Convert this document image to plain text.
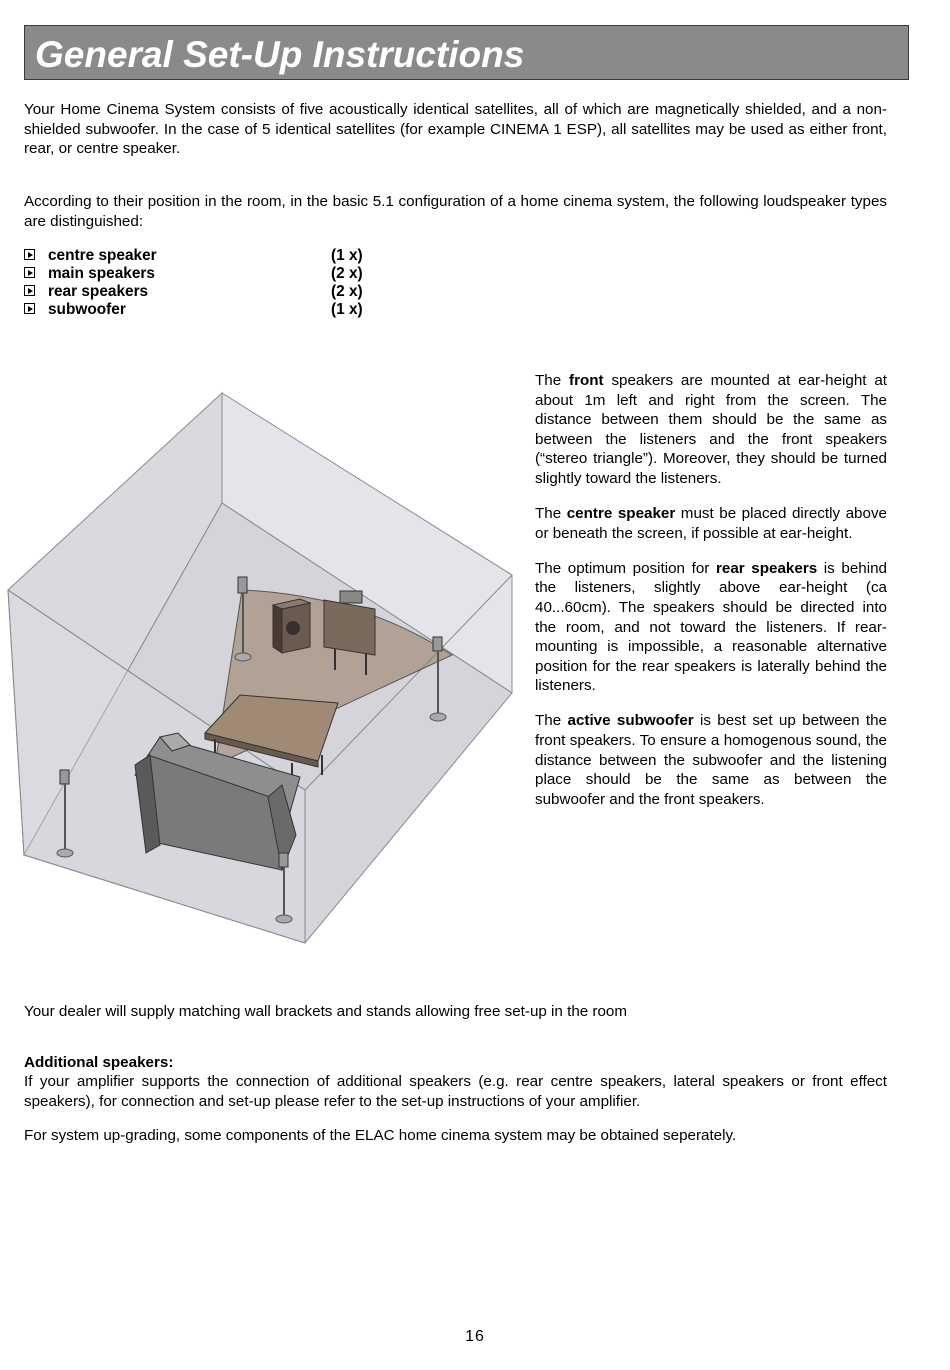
General Set-Up Instructions

Your Home Cinema System consists of five acoustically identical satellites, all of which are magnetically shielded, and a non-shielded subwoofer. In the case of 5 identical satellites (for example CINEMA 1 ESP), all satellites may be used as either front, rear, or centre speaker.

According to their position in the room, in the basic 5.1 configuration of a home cinema system, the following loudspeaker types are distinguished:

centre speaker	(1 x)
main speakers	(2 x)
rear speakers	(2 x)
subwoofer	(1 x)

The front speakers are mounted at ear-height at about 1m left and right from the screen. The distance between them should be the same as between the listeners and the front speakers (“stereo triangle”). Moreover, they should be turned slightly toward the listeners.

The centre speaker must be placed directly above or beneath the screen, if possible at ear-height.

The optimum position for rear speakers is behind the listeners, slightly above ear-height (ca 40...60cm). The speakers should be directed into the room, and not toward the listeners. If rear-mounting is impossible, a reasonable alternative position for the rear speakers is laterally behind the listeners.

The active subwoofer is best set up between the front speakers. To ensure a homogenous sound, the distance between the subwoofer and the listening place should be the same as between the subwoofer and the front speakers.

Your dealer will supply matching wall brackets and stands allowing free set-up in the room

Additional speakers:

If your amplifier supports the connection of additional speakers (e.g. rear centre speakers, lateral speakers or front effect speakers), for connection and set-up please refer to the set-up instructions of your amplifier.

For system up-grading, some components of the ELAC home cinema system may be obtained seperately.

16
